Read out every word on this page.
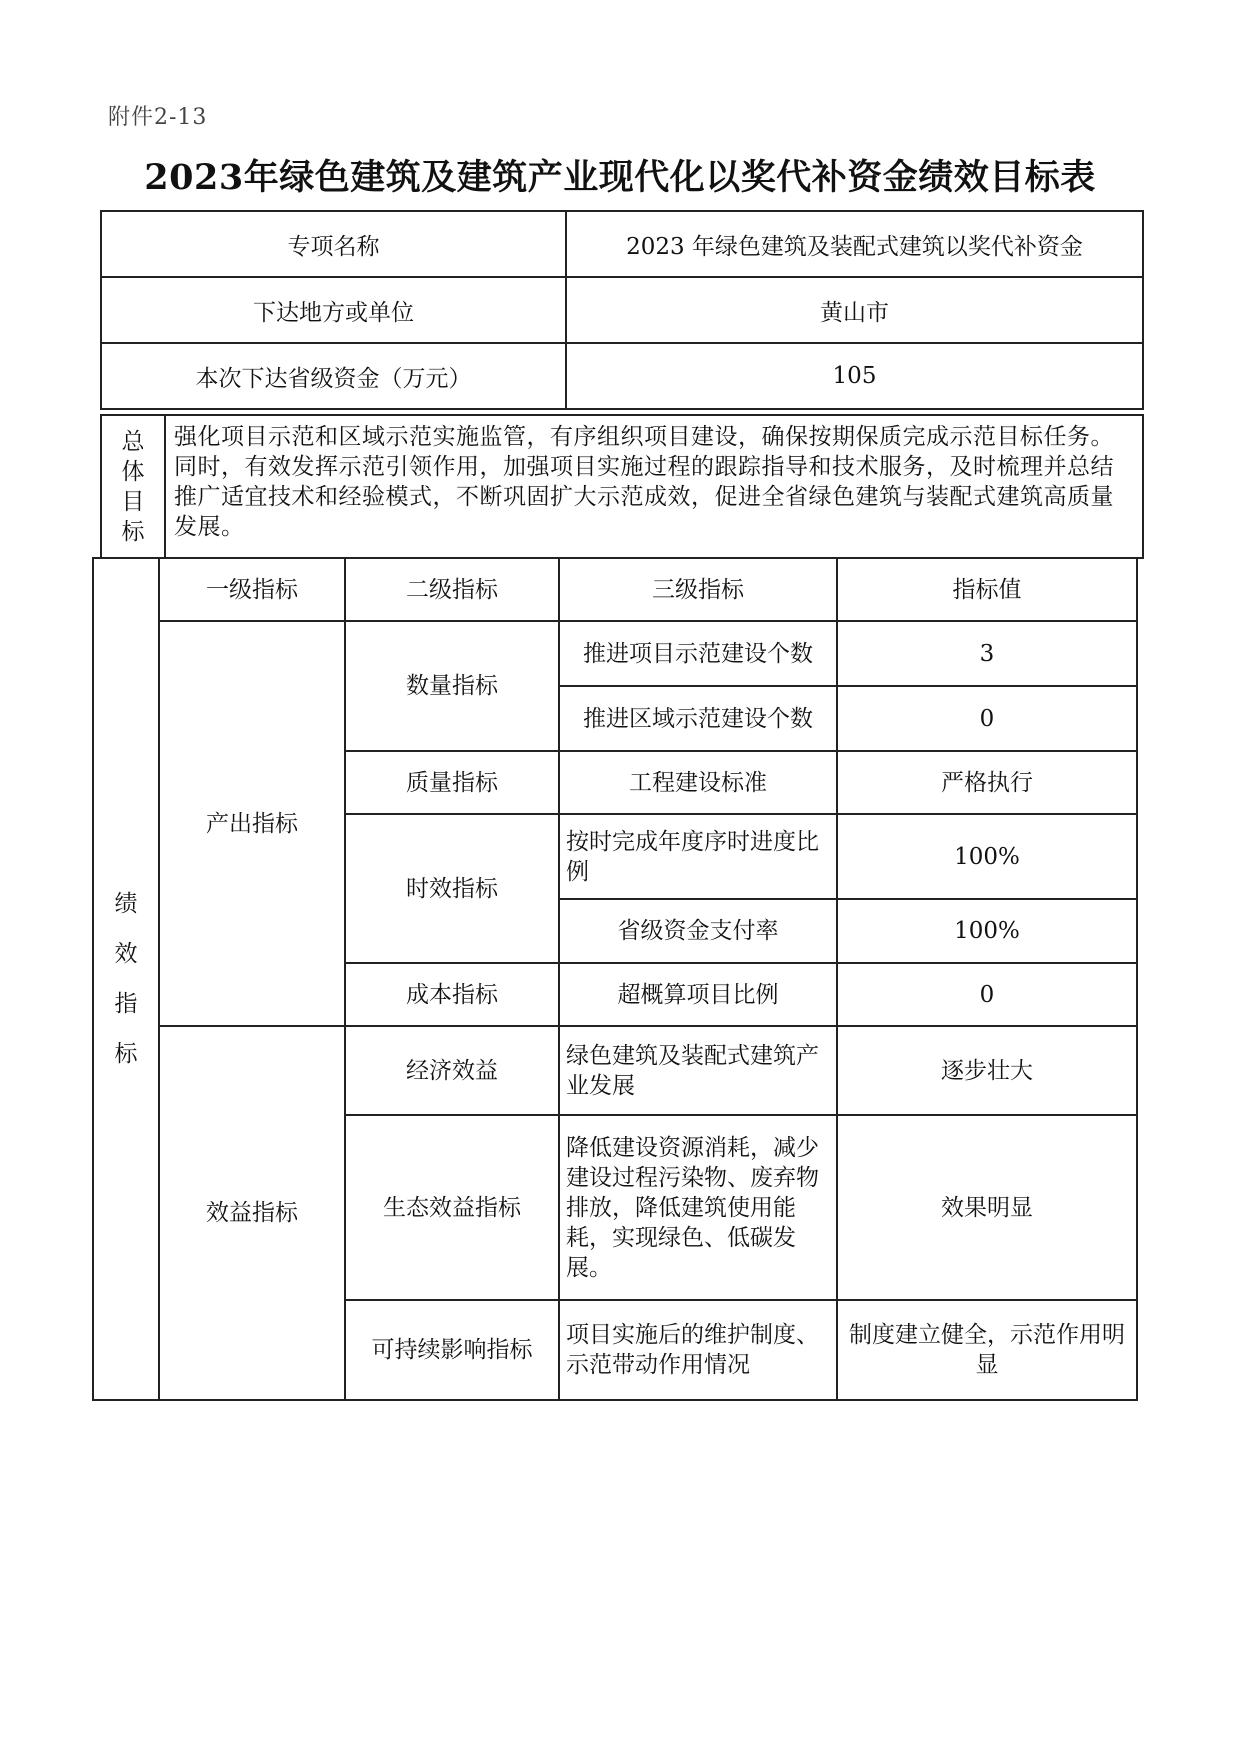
附件2-13
2023年绿色建筑及建筑产业现代化以奖代补资金绩效目标表
专项名称	2023 年绿色建筑及装配式建筑以奖代补资金
下达地方或单位	黄山市
本次下达省级资金（万元）	105
总
体
目
标
	强化项目示范和区域示范实施监管，有序组织项目建设，确保按期保质完成示范目标任务。同时，有效发挥示范引领作用，加强项目实施过程的跟踪指导和技术服务，及时梳理并总结推广适宜技术和经验模式，不断巩固扩大示范成效，促进全省绿色建筑与装配式建筑高质量发展。
绩
效
指
标	一级指标	二级指标	三级指标	指标值
	产出指标	数量指标	推进项目示范建设个数	3
			推进区域示范建设个数	0
		质量指标	工程建设标准	严格执行
		时效指标	按时完成年度序时进度比例	100%
			省级资金支付率	100%
		成本指标	超概算项目比例	0
	效益指标	经济效益	绿色建筑及装配式建筑产业发展	逐步壮大
		生态效益指标	降低建设资源消耗，减少建设过程污染物、废弃物排放，降低建筑使用能耗，实现绿色、低碳发展。	效果明显
		可持续影响指标	项目实施后的维护制度、示范带动作用情况	制度建立健全，示范作用明显
